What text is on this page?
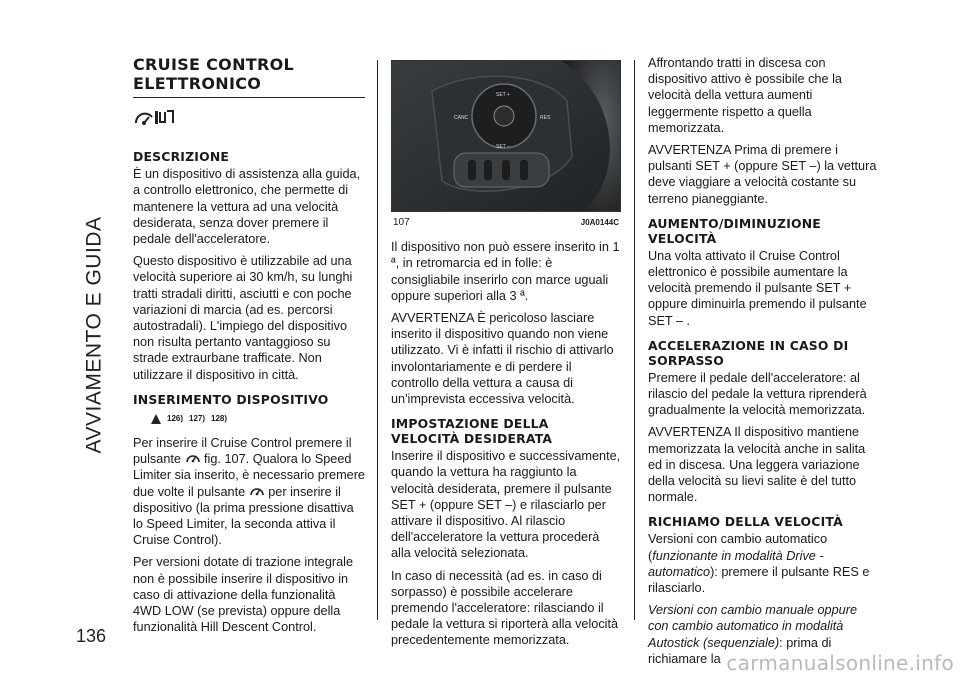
AVVIAMENTO E GUIDA
136
CRUISE CONTROL ELETTRONICO
DESCRIZIONE

È un dispositivo di assistenza alla guida, a controllo elettronico, che permette di mantenere la vettura ad una velocità desiderata, senza dover premere il pedale dell'acceleratore.

Questo dispositivo è utilizzabile ad una velocità superiore ai 30 km/h, su lunghi tratti stradali diritti, asciutti e con poche variazioni di marcia (ad es. percorsi autostradali). L'impiego del dispositivo non risulta pertanto vantaggioso su strade extraurbane trafficate. Non utilizzare il dispositivo in città.

INSERIMENTO DISPOSITIVO
126) 127) 128)

Per inserire il Cruise Control premere il pulsante fig. 107. Qualora lo Speed Limiter sia inserito, è necessario premere due volte il pulsante per inserire il dispositivo (la prima pressione disattiva lo Speed Limiter, la seconda attiva il Cruise Control).

Per versioni dotate di trazione integrale non è possibile inserire il dispositivo in caso di attivazione della funzionalità 4WD LOW (se prevista) oppure della funzionalità Hill Descent Control.

CANC
SET +
SET –
RES
107	J0A0144C

Il dispositivo non può essere inserito in 1 ª, in retromarcia ed in folle: è consigliabile inserirlo con marce uguali oppure superiori alla 3 ª.

AVVERTENZA È pericoloso lasciare inserito il dispositivo quando non viene utilizzato. Vi è infatti il rischio di attivarlo involontariamente e di perdere il controllo della vettura a causa di un'imprevista eccessiva velocità.

IMPOSTAZIONE DELLA VELOCITÀ DESIDERATA

Inserire il dispositivo e successivamente, quando la vettura ha raggiunto la velocità desiderata, premere il pulsante SET + (oppure SET –) e rilasciarlo per attivare il dispositivo. Al rilascio dell'acceleratore la vettura procederà alla velocità selezionata.

In caso di necessità (ad es. in caso di sorpasso) è possibile accelerare premendo l'acceleratore: rilasciando il pedale la vettura si riporterà alla velocità precedentemente memorizzata.

Affrontando tratti in discesa con dispositivo attivo è possibile che la velocità della vettura aumenti leggermente rispetto a quella memorizzata.

AVVERTENZA Prima di premere i pulsanti SET + (oppure SET –) la vettura deve viaggiare a velocità costante su terreno pianeggiante.

AUMENTO/DIMINUZIONE VELOCITÀ

Una volta attivato il Cruise Control elettronico è possibile aumentare la velocità premendo il pulsante SET + oppure diminuirla premendo il pulsante SET – .

ACCELERAZIONE IN CASO DI SORPASSO

Premere il pedale dell'acceleratore: al rilascio del pedale la vettura riprenderà gradualmente la velocità memorizzata.

AVVERTENZA Il dispositivo mantiene memorizzata la velocità anche in salita ed in discesa. Una leggera variazione della velocità su lievi salite è del tutto normale.

RICHIAMO DELLA VELOCITÀ

Versioni con cambio automatico (funzionante in modalità Drive - automatico): premere il pulsante RES e rilasciarlo.

Versioni con cambio manuale oppure con cambio automatico in modalità Autostick (sequenziale): prima di richiamare la carmanualsonline.info
